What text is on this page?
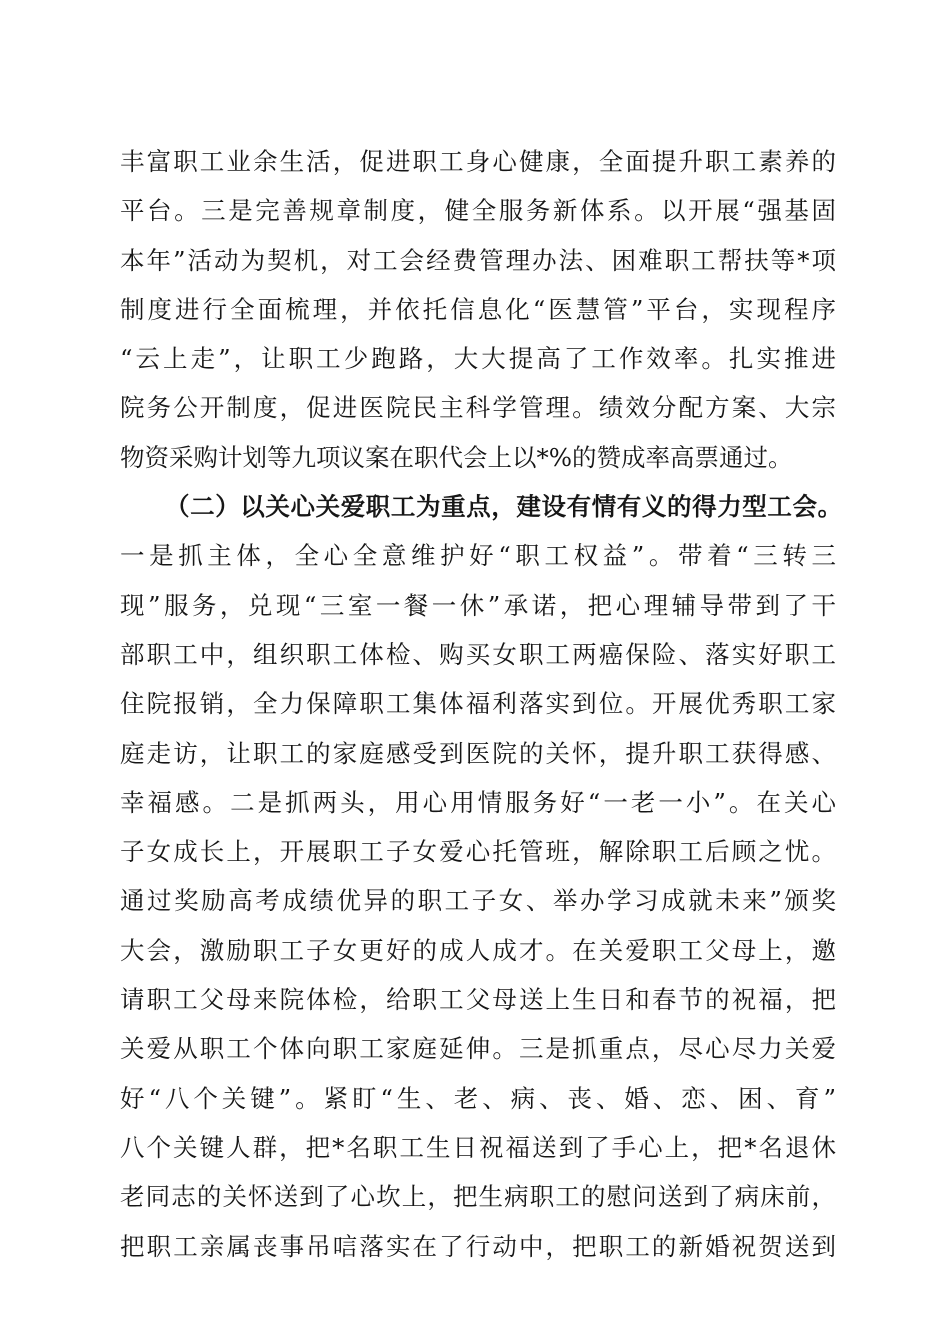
丰富职工业余生活，促进职工身心健康，全面提升职工素养的
平台。三是完善规章制度，健全服务新体系。以开展“强基固
本年”活动为契机，对工会经费管理办法、困难职工帮扶等*项
制度进行全面梳理，并依托信息化“医慧管”平台，实现程序
“云上走”，让职工少跑路，大大提高了工作效率。扎实推进
院务公开制度，促进医院民主科学管理。绩效分配方案、大宗
物资采购计划等九项议案在职代会上以*%的赞成率高票通过。
（二）以关心关爱职工为重点，建设有情有义的得力型工会。
一是抓主体，全心全意维护好“职工权益”。带着“三转三
现”服务，兑现“三室一餐一休”承诺，把心理辅导带到了干
部职工中，组织职工体检、购买女职工两癌保险、落实好职工
住院报销，全力保障职工集体福利落实到位。开展优秀职工家
庭走访，让职工的家庭感受到医院的关怀，提升职工获得感、
幸福感。二是抓两头，用心用情服务好“一老一小”。在关心
子女成长上，开展职工子女爱心托管班，解除职工后顾之忧。
通过奖励高考成绩优异的职工子女、举办学习成就未来”颁奖
大会，激励职工子女更好的成人成才。在关爱职工父母上，邀
请职工父母来院体检，给职工父母送上生日和春节的祝福，把
关爱从职工个体向职工家庭延伸。三是抓重点，尽心尽力关爱
好“八个关键”。紧盯“生、老、病、丧、婚、恋、困、育”
八个关键人群，把*名职工生日祝福送到了手心上，把*名退休
老同志的关怀送到了心坎上，把生病职工的慰问送到了病床前，
把职工亲属丧事吊唁落实在了行动中，把职工的新婚祝贺送到
